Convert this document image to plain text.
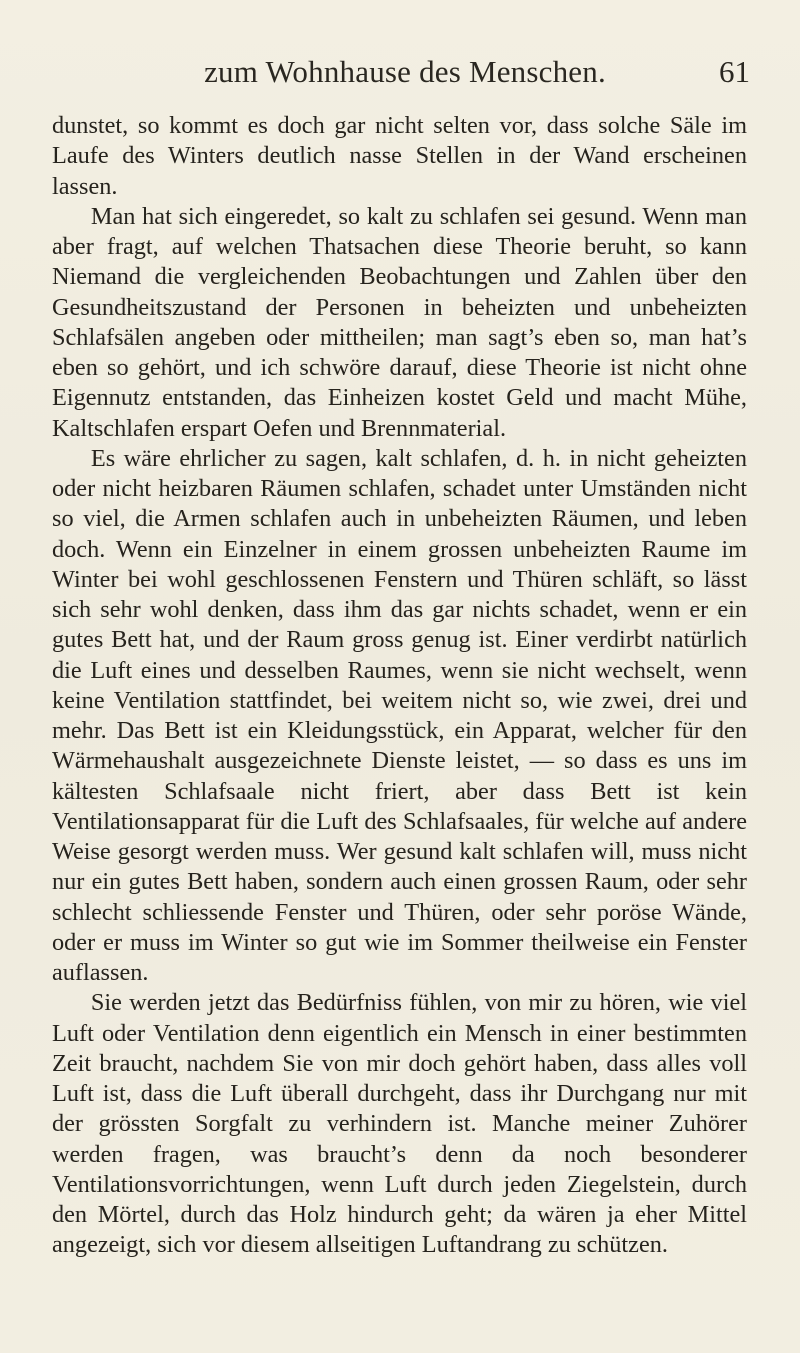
zum Wohnhause des Menschen.	61

dunstet, so kommt es doch gar nicht selten vor, dass solche Säle im Laufe des Winters deutlich nasse Stellen in der Wand erscheinen lassen.

Man hat sich eingeredet, so kalt zu schlafen sei gesund. Wenn man aber fragt, auf welchen Thatsachen diese Theorie beruht, so kann Niemand die vergleichenden Beobachtungen und Zahlen über den Gesundheitszustand der Personen in beheizten und unbeheizten Schlafsälen angeben oder mittheilen; man sagt’s eben so, man hat’s eben so gehört, und ich schwöre darauf, diese Theorie ist nicht ohne Eigennutz entstanden, das Einheizen kostet Geld und macht Mühe, Kaltschlafen erspart Oefen und Brennmaterial.

Es wäre ehrlicher zu sagen, kalt schlafen, d. h. in nicht geheizten oder nicht heizbaren Räumen schlafen, schadet unter Umständen nicht so viel, die Armen schlafen auch in unbeheizten Räumen, und leben doch. Wenn ein Einzelner in einem grossen unbeheizten Raume im Winter bei wohl geschlossenen Fenstern und Thüren schläft, so lässt sich sehr wohl denken, dass ihm das gar nichts schadet, wenn er ein gutes Bett hat, und der Raum gross genug ist. Einer verdirbt natürlich die Luft eines und desselben Raumes, wenn sie nicht wechselt, wenn keine Ventilation stattfindet, bei weitem nicht so, wie zwei, drei und mehr. Das Bett ist ein Kleidungsstück, ein Apparat, welcher für den Wärmehaushalt ausgezeichnete Dienste leistet, — so dass es uns im kältesten Schlafsaale nicht friert, aber dass Bett ist kein Ventilationsapparat für die Luft des Schlafsaales, für welche auf andere Weise gesorgt werden muss. Wer gesund kalt schlafen will, muss nicht nur ein gutes Bett haben, sondern auch einen grossen Raum, oder sehr schlecht schliessende Fenster und Thüren, oder sehr poröse Wände, oder er muss im Winter so gut wie im Sommer theilweise ein Fenster auflassen.

Sie werden jetzt das Bedürfniss fühlen, von mir zu hören, wie viel Luft oder Ventilation denn eigentlich ein Mensch in einer bestimmten Zeit braucht, nachdem Sie von mir doch gehört haben, dass alles voll Luft ist, dass die Luft überall durchgeht, dass ihr Durchgang nur mit der grössten Sorgfalt zu verhindern ist. Manche meiner Zuhörer werden fragen, was braucht’s denn da noch besonderer Ventilationsvorrichtungen, wenn Luft durch jeden Ziegelstein, durch den Mörtel, durch das Holz hindurch geht; da wären ja eher Mittel angezeigt, sich vor diesem allseitigen Luftandrang zu schützen.
